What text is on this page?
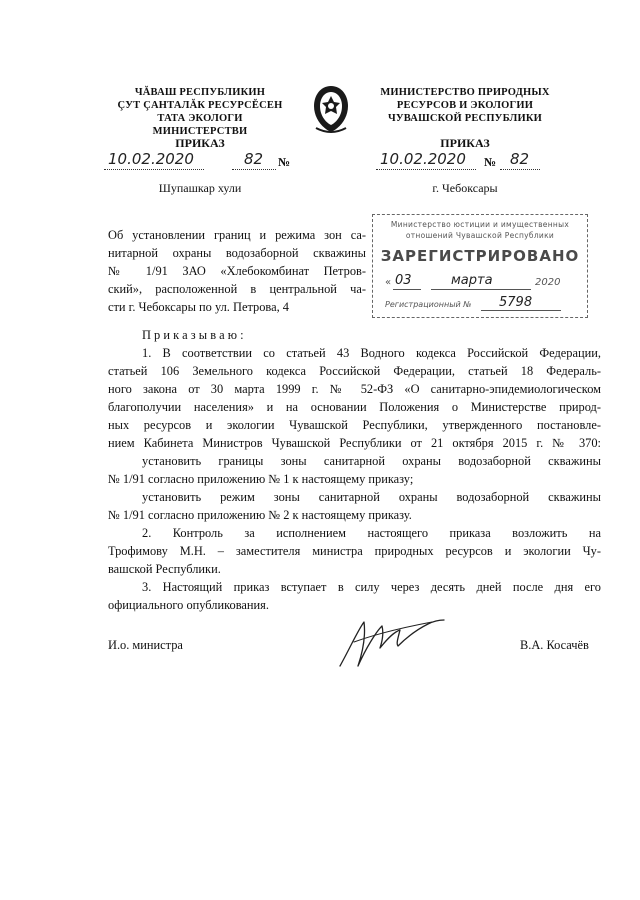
ЧĂВАШ РЕСПУБЛИКИН
ÇУТ ÇАНТАЛĂК РЕСУРСĔСЕН
ТАТА ЭКОЛОГИ МИНИСТЕРСТВИ
МИНИСТЕРСТВО ПРИРОДНЫХ
РЕСУРСОВ И ЭКОЛОГИИ
ЧУВАШСКОЙ РЕСПУБЛИКИ
ПРИКАЗ	ПРИКАЗ
10.02.2020	82 №	10.02.2020 № 82
Шупашкар хули	г. Чебоксары
Об установлении границ и режима зон са-
нитарной охраны водозаборной скважины
№ 1/91 ЗАО «Хлебокомбинат Петров-
ский», расположенной в центральной ча-
сти г. Чебоксары по ул. Петрова, 4
Министерство юстиции и имущественных
отношений Чувашской Республики
ЗАРЕГИСТРИРОВАНО
« 03	марта	2020
Регистрационный № 5798
П р и к а з ы в а ю :
1. В соответствии со статьей 43 Водного кодекса Российской Федерации,
статьей 106 Земельного кодекса Российской Федерации, статьей 18 Федераль-
ного закона от 30 марта 1999 г. № 52-ФЗ «О санитарно-эпидемиологическом
благополучии населения» и на основании Положения о Министерстве природ-
ных ресурсов и экологии Чувашской Республики, утвержденного постановле-
нием Кабинета Министров Чувашской Республики от 21 октября 2015 г. № 370:
установить границы зоны санитарной охраны водозаборной скважины
№ 1/91 согласно приложению № 1 к настоящему приказу;
установить режим зоны санитарной охраны водозаборной скважины
№ 1/91 согласно приложению № 2 к настоящему приказу.
2. Контроль за исполнением настоящего приказа возложить на
Трофимову М.Н. – заместителя министра природных ресурсов и экологии Чу-
вашской Республики.
3. Настоящий приказ вступает в силу через десять дней после дня его
официального опубликования.
И.о. министра	В.А. Косачёв
